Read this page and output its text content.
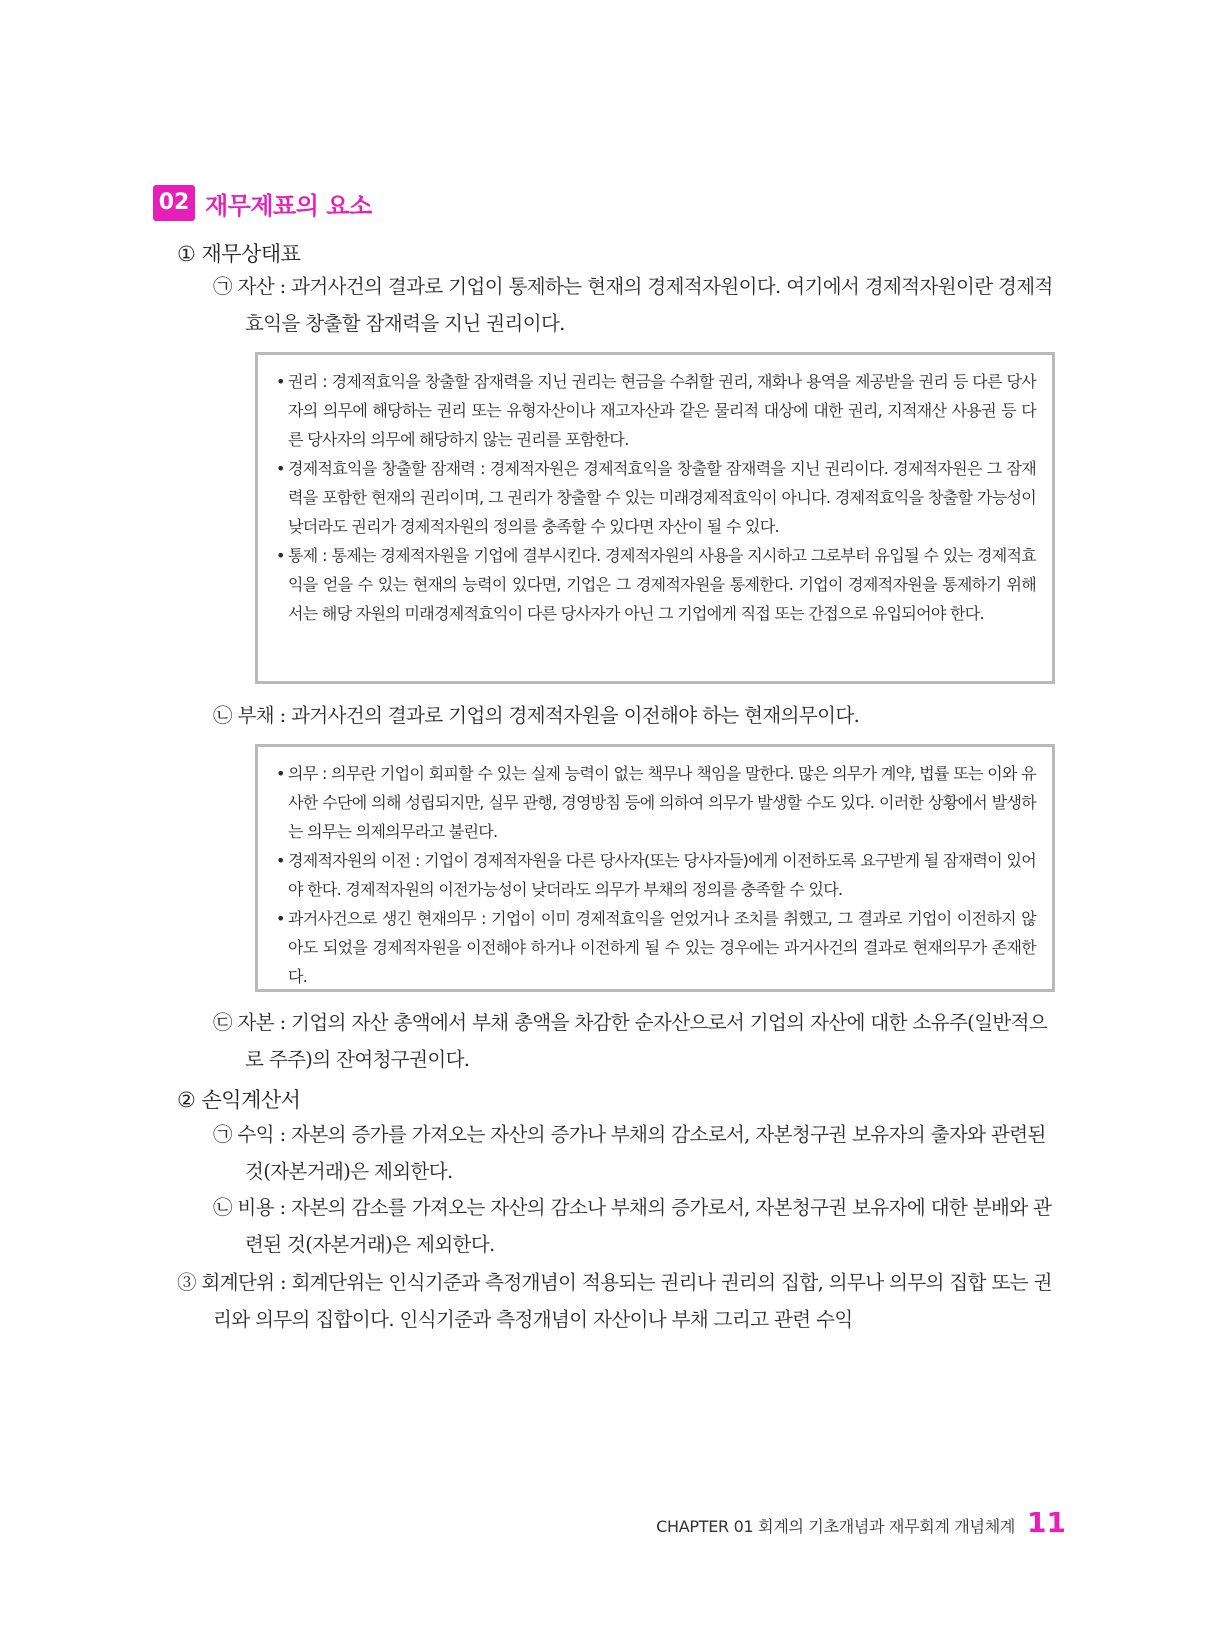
02 재무제표의 요소
① 재무상태표
㉠ 자산 : 과거사건의 결과로 기업이 통제하는 현재의 경제적자원이다. 여기에서 경제적자원이란 경제적효익을 창출할 잠재력을 지닌 권리이다.
• 권리 : 경제적효익을 창출할 잠재력을 지닌 권리는 현금을 수취할 권리, 재화나 용역을 제공받을 권리 등 다른 당사자의 의무에 해당하는 권리 또는 유형자산이나 재고자산과 같은 물리적 대상에 대한 권리, 지적재산 사용권 등 다른 당사자의 의무에 해당하지 않는 권리를 포함한다.
• 경제적효익을 창출할 잠재력 : 경제적자원은 경제적효익을 창출할 잠재력을 지닌 권리이다. 경제적자원은 그 잠재력을 포함한 현재의 권리이며, 그 권리가 창출할 수 있는 미래경제적효익이 아니다. 경제적효익을 창출할 가능성이 낮더라도 권리가 경제적자원의 정의를 충족할 수 있다면 자산이 될 수 있다.
• 통제 : 통제는 경제적자원을 기업에 결부시킨다. 경제적자원의 사용을 지시하고 그로부터 유입될 수 있는 경제적효익을 얻을 수 있는 현재의 능력이 있다면, 기업은 그 경제적자원을 통제한다. 기업이 경제적자원을 통제하기 위해서는 해당 자원의 미래경제적효익이 다른 당사자가 아닌 그 기업에게 직접 또는 간접으로 유입되어야 한다.
㉡ 부채 : 과거사건의 결과로 기업의 경제적자원을 이전해야 하는 현재의무이다.
• 의무 : 의무란 기업이 회피할 수 있는 실제 능력이 없는 책무나 책임을 말한다. 많은 의무가 계약, 법률 또는 이와 유사한 수단에 의해 성립되지만, 실무 관행, 경영방침 등에 의하여 의무가 발생할 수도 있다. 이러한 상황에서 발생하는 의무는 의제의무라고 불린다.
• 경제적자원의 이전 : 기업이 경제적자원을 다른 당사자(또는 당사자들)에게 이전하도록 요구받게 될 잠재력이 있어야 한다. 경제적자원의 이전가능성이 낮더라도 의무가 부채의 정의를 충족할 수 있다.
• 과거사건으로 생긴 현재의무 : 기업이 이미 경제적효익을 얻었거나 조치를 취했고, 그 결과로 기업이 이전하지 않아도 되었을 경제적자원을 이전해야 하거나 이전하게 될 수 있는 경우에는 과거사건의 결과로 현재의무가 존재한다.
㉢ 자본 : 기업의 자산 총액에서 부채 총액을 차감한 순자산으로서 기업의 자산에 대한 소유주(일반적으로 주주)의 잔여청구권이다.
② 손익계산서
㉠ 수익 : 자본의 증가를 가져오는 자산의 증가나 부채의 감소로서, 자본청구권 보유자의 출자와 관련된 것(자본거래)은 제외한다.
㉡ 비용 : 자본의 감소를 가져오는 자산의 감소나 부채의 증가로서, 자본청구권 보유자에 대한 분배와 관련된 것(자본거래)은 제외한다.
③ 회계단위 : 회계단위는 인식기준과 측정개념이 적용되는 권리나 권리의 집합, 의무나 의무의 집합 또는 권리와 의무의 집합이다. 인식기준과 측정개념이 자산이나 부채 그리고 관련 수익
CHAPTER 01 회계의 기초개념과 재무회계 개념체계 11
